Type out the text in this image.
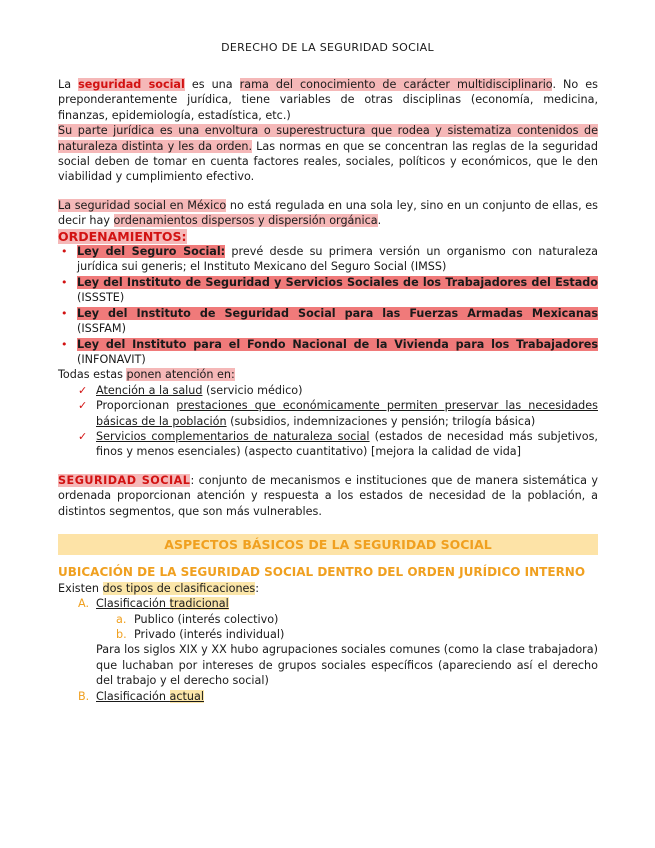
DERECHO DE LA SEGURIDAD SOCIAL

La seguridad social es una rama del conocimiento de carácter multidisciplinario. No es preponderantemente jurídica, tiene variables de otras disciplinas (economía, medicina, finanzas, epidemiología, estadística, etc.)

Su parte jurídica es una envoltura o superestructura que rodea y sistematiza contenidos de naturaleza distinta y les da orden. Las normas en que se concentran las reglas de la seguridad social deben de tomar en cuenta factores reales, sociales, políticos y económicos, que le den viabilidad y cumplimiento efectivo.

La seguridad social en México no está regulada en una sola ley, sino en un conjunto de ellas, es decir hay ordenamientos dispersos y dispersión orgánica.

ORDENAMIENTOS:
• Ley del Seguro Social: prevé desde su primera versión un organismo con naturaleza jurídica sui generis; el Instituto Mexicano del Seguro Social (IMSS)
• Ley del Instituto de Seguridad y Servicios Sociales de los Trabajadores del Estado (ISSSTE)
• Ley del Instituto de Seguridad Social para las Fuerzas Armadas Mexicanas (ISSFAM)
• Ley del Instituto para el Fondo Nacional de la Vivienda para los Trabajadores (INFONAVIT)

Todas estas ponen atención en:

✓ Atención a la salud (servicio médico)
✓ Proporcionan prestaciones que económicamente permiten preservar las necesidades básicas de la población (subsidios, indemnizaciones y pensión; trilogía básica)
✓ Servicios complementarios de naturaleza social (estados de necesidad más subjetivos, finos y menos esenciales) (aspecto cuantitativo) [mejora la calidad de vida]

SEGURIDAD SOCIAL: conjunto de mecanismos e instituciones que de manera sistemática y ordenada proporcionan atención y respuesta a los estados de necesidad de la población, a distintos segmentos, que son más vulnerables.

ASPECTOS BÁSICOS DE LA SEGURIDAD SOCIAL
UBICACIÓN DE LA SEGURIDAD SOCIAL DENTRO DEL ORDEN JURÍDICO INTERNO

Existen dos tipos de clasificaciones:

A. Clasificación tradicional
a. Publico (interés colectivo)
b. Privado (interés individual)

Para los siglos XIX y XX hubo agrupaciones sociales comunes (como la clase trabajadora) que luchaban por intereses de grupos sociales específicos (apareciendo así el derecho del trabajo y el derecho social)

B. Clasificación actual
